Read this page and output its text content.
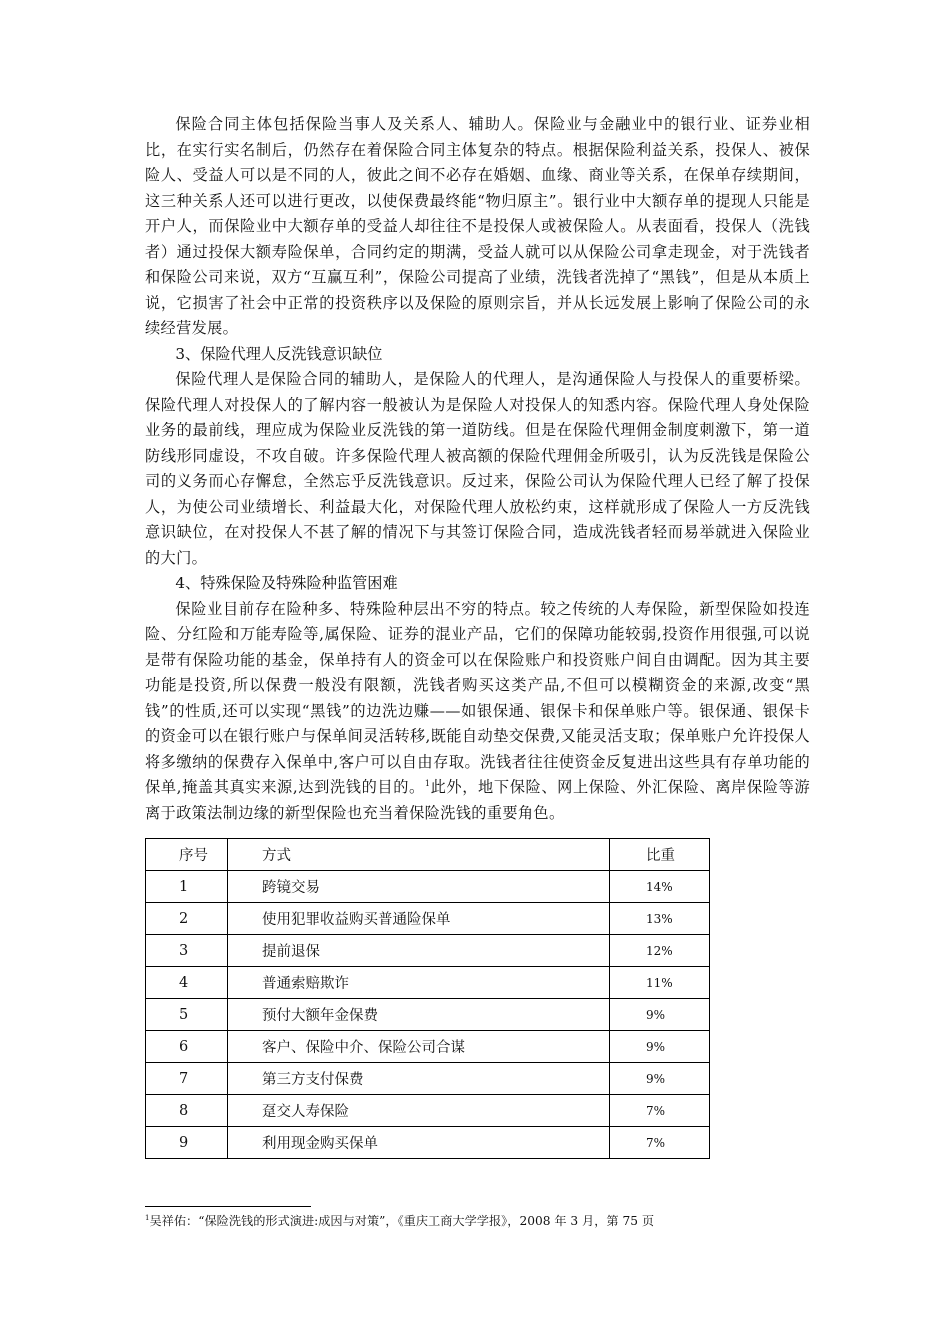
保险合同主体包括保险当事人及关系人、辅助人。保险业与金融业中的银行业、证券业相比，在实行实名制后，仍然存在着保险合同主体复杂的特点。根据保险利益关系，投保人、被保险人、受益人可以是不同的人，彼此之间不必存在婚姻、血缘、商业等关系，在保单存续期间，这三种关系人还可以进行更改，以使保费最终能“物归原主”。银行业中大额存单的提现人只能是开户人，而保险业中大额存单的受益人却往往不是投保人或被保险人。从表面看，投保人（洗钱者）通过投保大额寿险保单，合同约定的期满，受益人就可以从保险公司拿走现金，对于洗钱者和保险公司来说，双方“互赢互利”，保险公司提高了业绩，洗钱者洗掉了“黑钱”，但是从本质上说，它损害了社会中正常的投资秩序以及保险的原则宗旨，并从长远发展上影响了保险公司的永续经营发展。

3、保险代理人反洗钱意识缺位

保险代理人是保险合同的辅助人，是保险人的代理人，是沟通保险人与投保人的重要桥梁。保险代理人对投保人的了解内容一般被认为是保险人对投保人的知悉内容。保险代理人身处保险业务的最前线，理应成为保险业反洗钱的第一道防线。但是在保险代理佣金制度刺激下，第一道防线形同虚设，不攻自破。许多保险代理人被高额的保险代理佣金所吸引，认为反洗钱是保险公司的义务而心存懈怠，全然忘乎反洗钱意识。反过来，保险公司认为保险代理人已经了解了投保人，为使公司业绩增长、利益最大化，对保险代理人放松约束，这样就形成了保险人一方反洗钱意识缺位，在对投保人不甚了解的情况下与其签订保险合同，造成洗钱者轻而易举就进入保险业的大门。

4、特殊保险及特殊险种监管困难

保险业目前存在险种多、特殊险种层出不穷的特点。较之传统的人寿保险，新型保险如投连险、分红险和万能寿险等,属保险、证券的混业产品，它们的保障功能较弱,投资作用很强,可以说是带有保险功能的基金，保单持有人的资金可以在保险账户和投资账户间自由调配。因为其主要功能是投资,所以保费一般没有限额，洗钱者购买这类产品,不但可以模糊资金的来源,改变“黑钱”的性质,还可以实现“黑钱”的边洗边赚——如银保通、银保卡和保单账户等。银保通、银保卡的资金可以在银行账户与保单间灵活转移,既能自动垫交保费,又能灵活支取；保单账户允许投保人将多缴纳的保费存入保单中,客户可以自由存取。洗钱者往往使资金反复进出这些具有存单功能的保单,掩盖其真实来源,达到洗钱的目的。$^1$此外，地下保险、网上保险、外汇保险、离岸保险等游离于政策法制边缘的新型保险也充当着保险洗钱的重要角色。

序号	方式	比重
1	跨镜交易	14%
2	使用犯罪收益购买普通险保单	13%
3	提前退保	12%
4	普通索赔欺诈	11%
5	预付大额年金保费	9%
6	客户、保险中介、保险公司合谋	9%
7	第三方支付保费	9%
8	趸交人寿保险	7%
9	利用现金购买保单	7%
$^1$吴祥佑：“保险洗钱的形式演进:成因与对策”，《重庆工商大学学报》，2008 年 3 月，第 75 页
